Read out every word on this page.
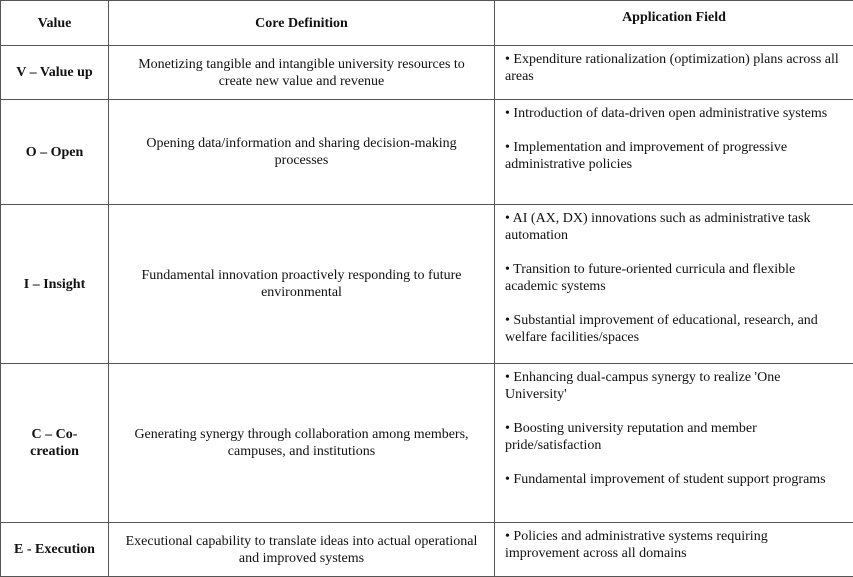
Value	Core Definition	Application Field
V – Value up	Monetizing tangible and intangible university resources to create new value and revenue	• Expenditure rationalization (optimization) plans across all areas

O – Open	Opening data/information and sharing decision-making processes	• Introduction of data-driven open administrative systems

• Implementation and improvement of progressive administrative policies

I – Insight	Fundamental innovation proactively responding to future environmental	• AI (AX, DX) innovations such as administrative task automation

• Transition to future-oriented curricula and flexible academic systems

• Substantial improvement of educational, research, and welfare facilities/spaces

C – Co-creation	Generating synergy through collaboration among members, campuses, and institutions	• Enhancing dual-campus synergy to realize 'One University'

• Boosting university reputation and member pride/satisfaction

• Fundamental improvement of student support programs

E - Execution	Executional capability to translate ideas into actual operational and improved systems	• Policies and administrative systems requiring improvement across all domains
